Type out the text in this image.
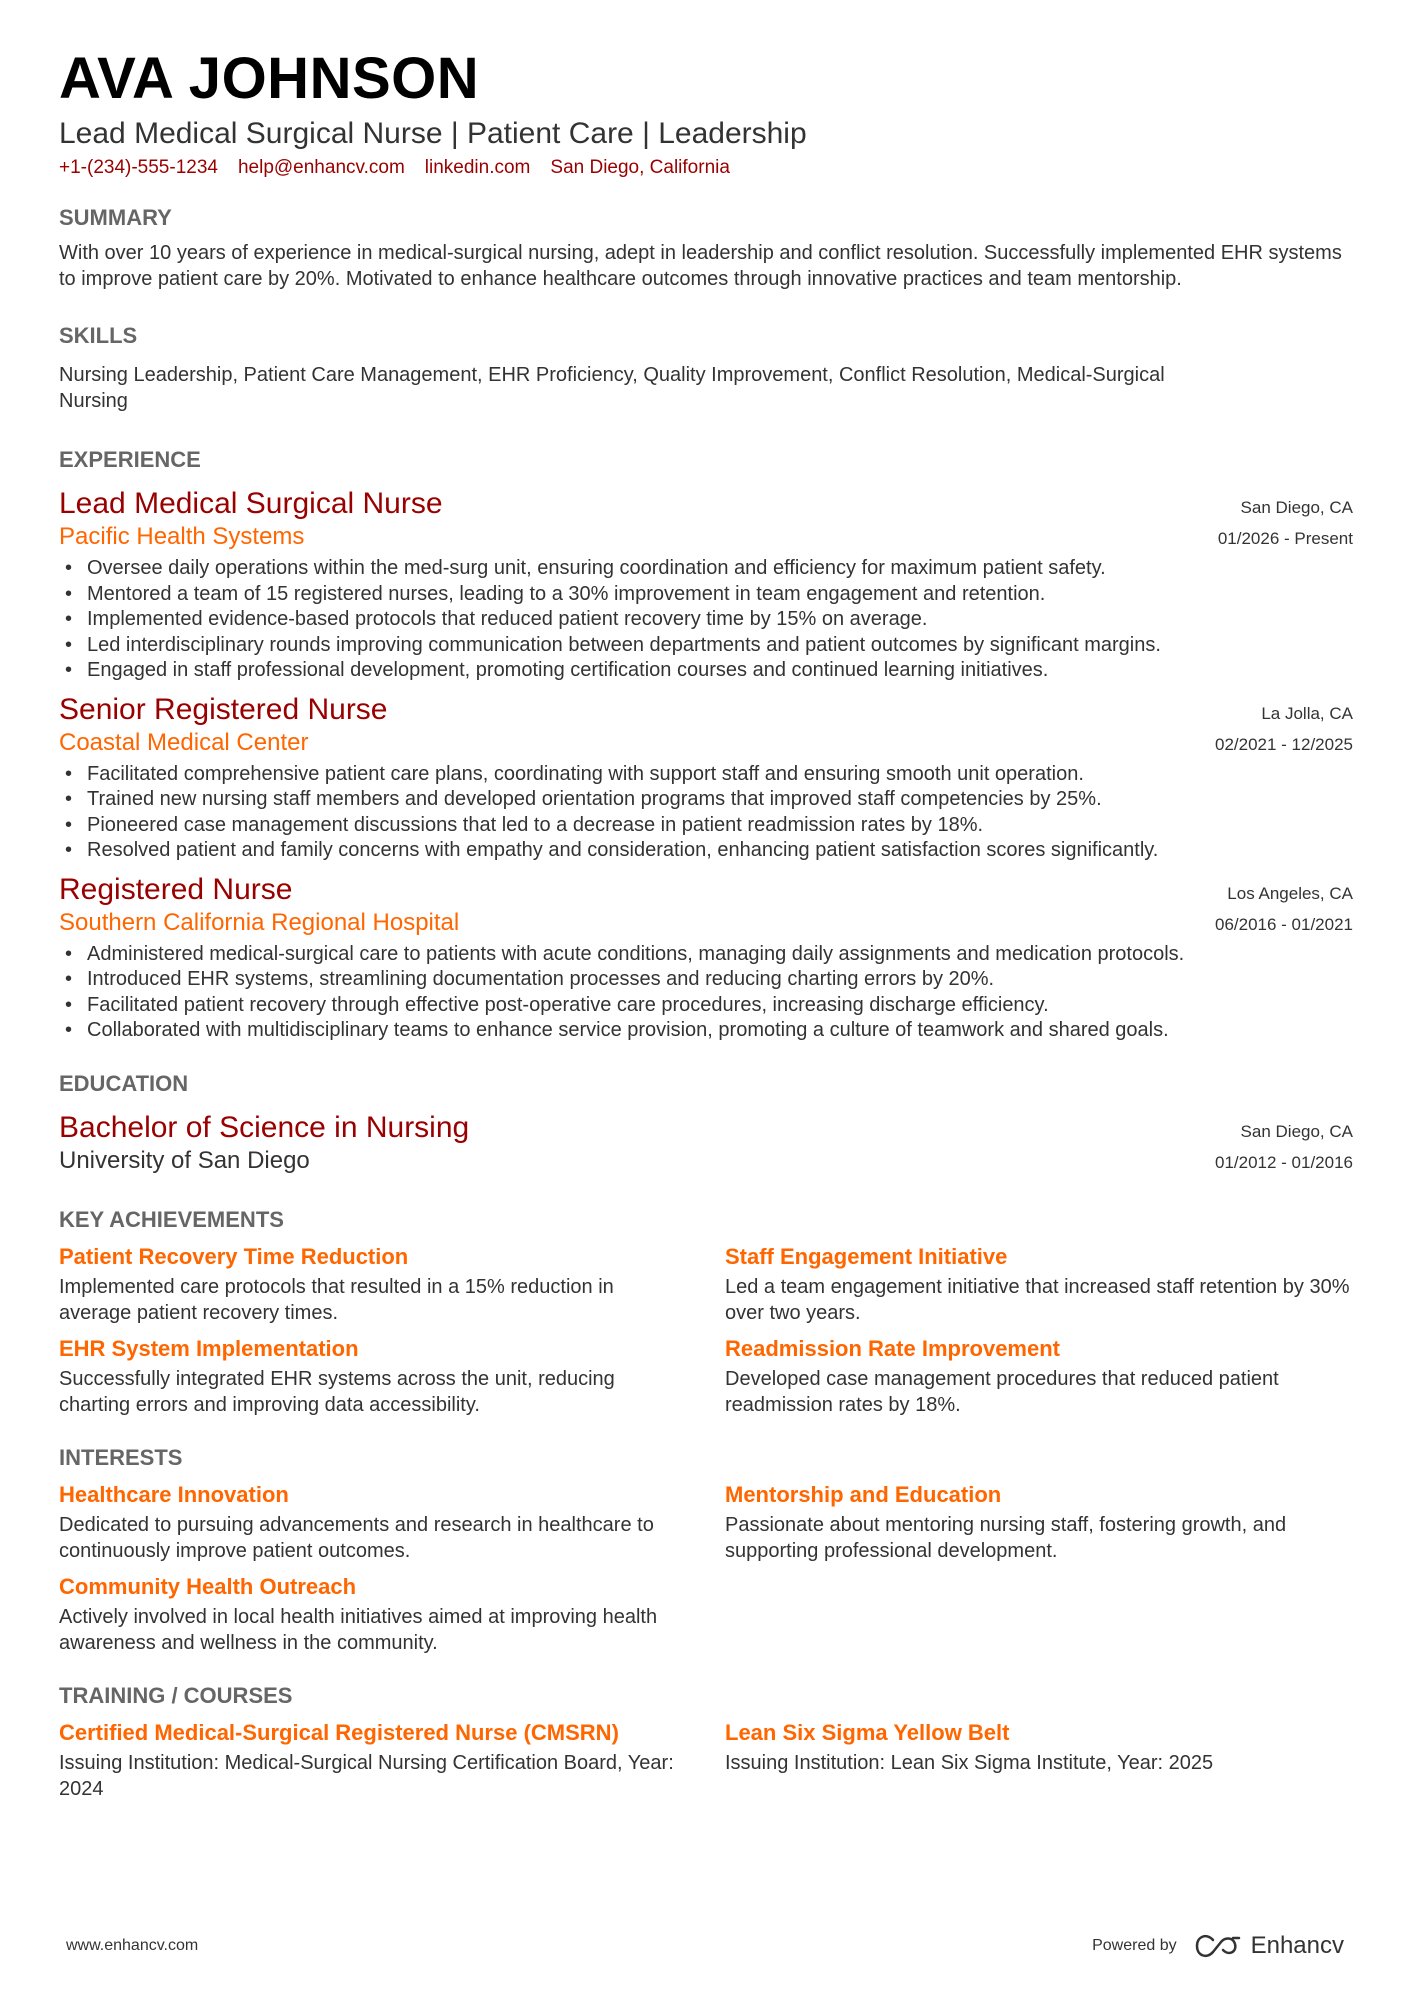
AVA JOHNSON
Lead Medical Surgical Nurse | Patient Care | Leadership
+1-(234)-555-1234 help@enhancv.com linkedin.com San Diego, California
SUMMARY
With over 10 years of experience in medical-surgical nursing, adept in leadership and conflict resolution. Successfully implemented EHR systems to improve patient care by 20%. Motivated to enhance healthcare outcomes through innovative practices and team mentorship.
SKILLS
Nursing Leadership, Patient Care Management, EHR Proficiency, Quality Improvement, Conflict Resolution, Medical-Surgical Nursing
EXPERIENCE
Lead Medical Surgical Nurse	San Diego, CA
Pacific Health Systems	01/2026 - Present
• Oversee daily operations within the med-surg unit, ensuring coordination and efficiency for maximum patient safety.
• Mentored a team of 15 registered nurses, leading to a 30% improvement in team engagement and retention.
• Implemented evidence-based protocols that reduced patient recovery time by 15% on average.
• Led interdisciplinary rounds improving communication between departments and patient outcomes by significant margins.
• Engaged in staff professional development, promoting certification courses and continued learning initiatives.
Senior Registered Nurse	La Jolla, CA
Coastal Medical Center	02/2021 - 12/2025
• Facilitated comprehensive patient care plans, coordinating with support staff and ensuring smooth unit operation.
• Trained new nursing staff members and developed orientation programs that improved staff competencies by 25%.
• Pioneered case management discussions that led to a decrease in patient readmission rates by 18%.
• Resolved patient and family concerns with empathy and consideration, enhancing patient satisfaction scores significantly.
Registered Nurse	Los Angeles, CA
Southern California Regional Hospital	06/2016 - 01/2021
• Administered medical-surgical care to patients with acute conditions, managing daily assignments and medication protocols.
• Introduced EHR systems, streamlining documentation processes and reducing charting errors by 20%.
• Facilitated patient recovery through effective post-operative care procedures, increasing discharge efficiency.
• Collaborated with multidisciplinary teams to enhance service provision, promoting a culture of teamwork and shared goals.
EDUCATION
Bachelor of Science in Nursing	San Diego, CA
University of San Diego	01/2012 - 01/2016
KEY ACHIEVEMENTS
Patient Recovery Time Reduction
Implemented care protocols that resulted in a 15% reduction in average patient recovery times.
Staff Engagement Initiative
Led a team engagement initiative that increased staff retention by 30% over two years.
EHR System Implementation
Successfully integrated EHR systems across the unit, reducing charting errors and improving data accessibility.
Readmission Rate Improvement
Developed case management procedures that reduced patient readmission rates by 18%.
INTERESTS
Healthcare Innovation
Dedicated to pursuing advancements and research in healthcare to continuously improve patient outcomes.
Mentorship and Education
Passionate about mentoring nursing staff, fostering growth, and supporting professional development.
Community Health Outreach
Actively involved in local health initiatives aimed at improving health awareness and wellness in the community.
TRAINING / COURSES
Certified Medical-Surgical Registered Nurse (CMSRN)
Issuing Institution: Medical-Surgical Nursing Certification Board, Year: 2024
Lean Six Sigma Yellow Belt
Issuing Institution: Lean Six Sigma Institute, Year: 2025
www.enhancv.com	Powered by	Enhancv
